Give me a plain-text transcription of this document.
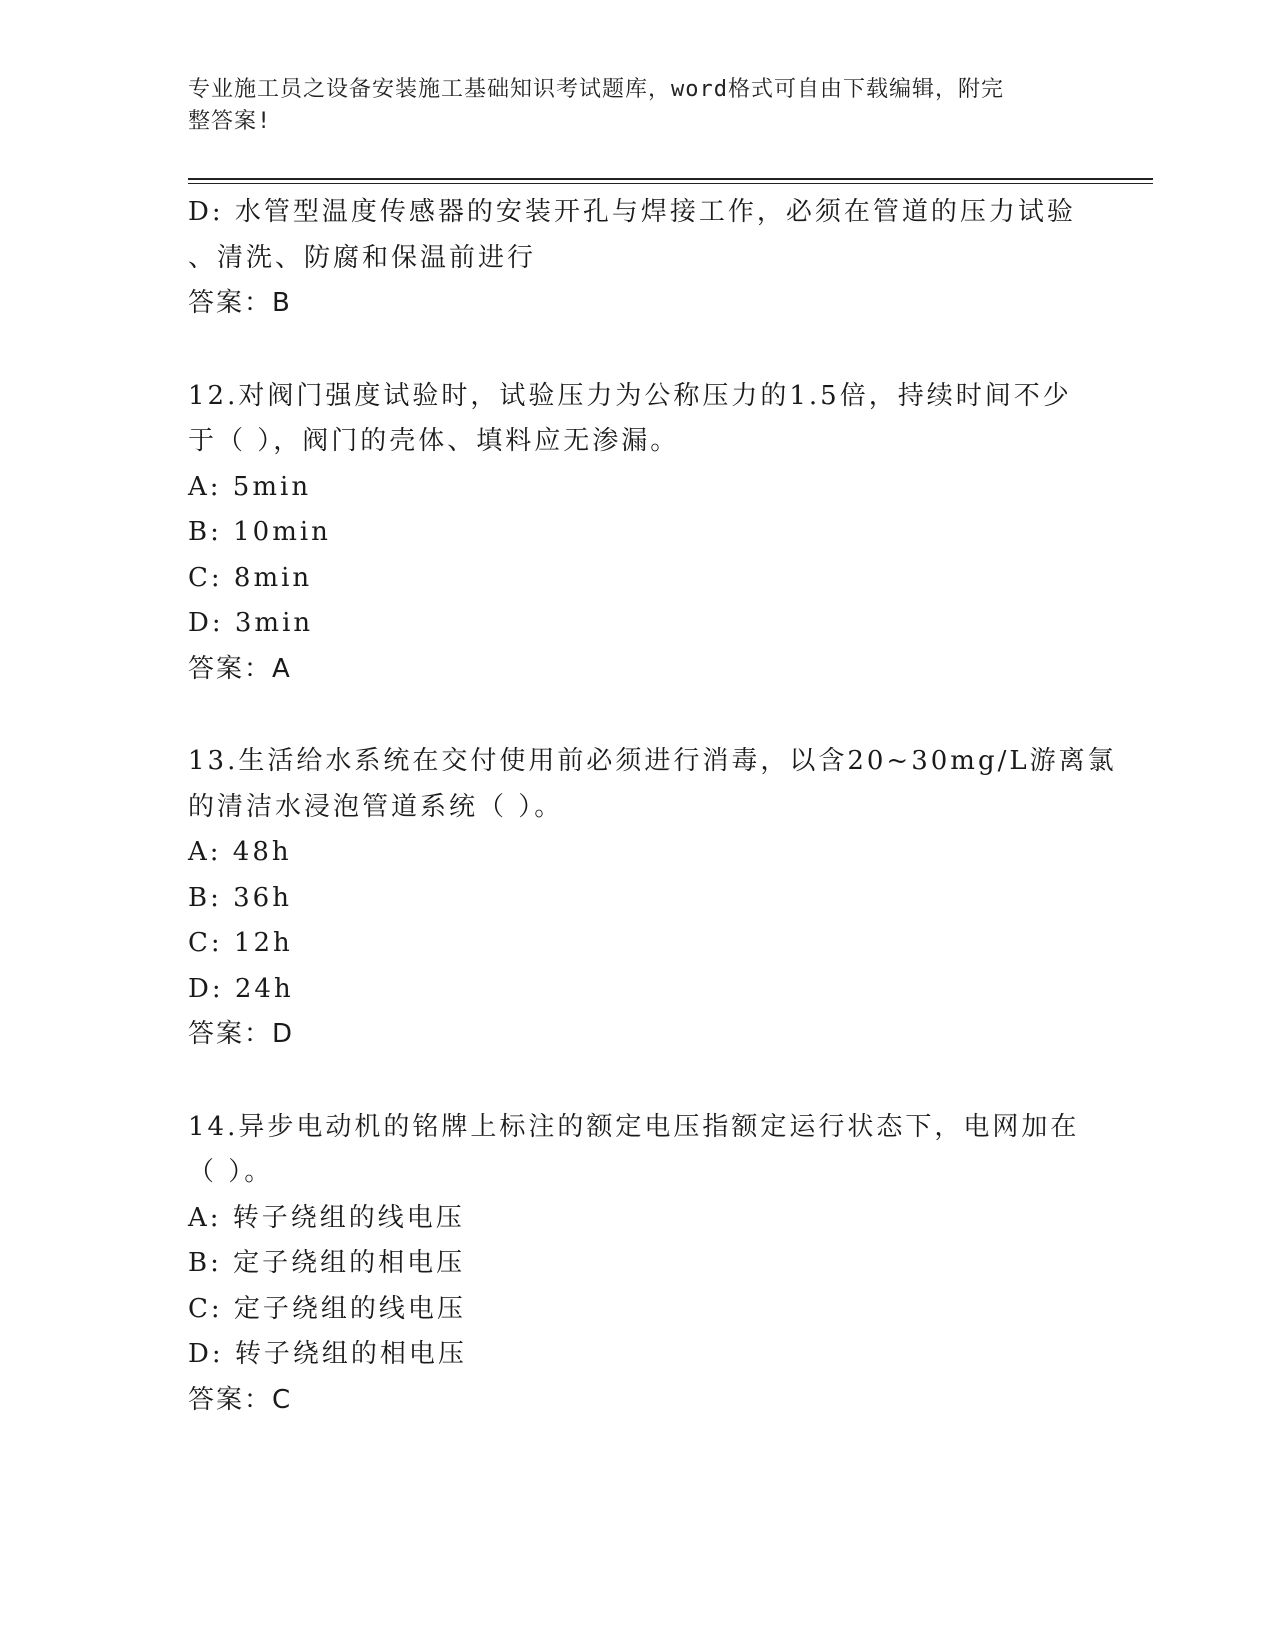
专业施工员之设备安装施工基础知识考试题库，word格式可自由下载编辑，附完
整答案!
D: 水管型温度传感器的安装开孔与焊接工作，必须在管道的压力试验
、清洗、防腐和保温前进行
答案：B
12.对阀门强度试验时，试验压力为公称压力的1.5倍，持续时间不少
于（ ），阀门的壳体、填料应无渗漏。
A: 5min
B: 10min
C: 8min
D: 3min
答案：A
13.生活给水系统在交付使用前必须进行消毒，以含20~30mg/L游离氯
的清洁水浸泡管道系统（ ）。
A: 48h
B: 36h
C: 12h
D: 24h
答案：D
14.异步电动机的铭牌上标注的额定电压指额定运行状态下，电网加在
（ ）。
A: 转子绕组的线电压
B: 定子绕组的相电压
C: 定子绕组的线电压
D: 转子绕组的相电压
答案：C
